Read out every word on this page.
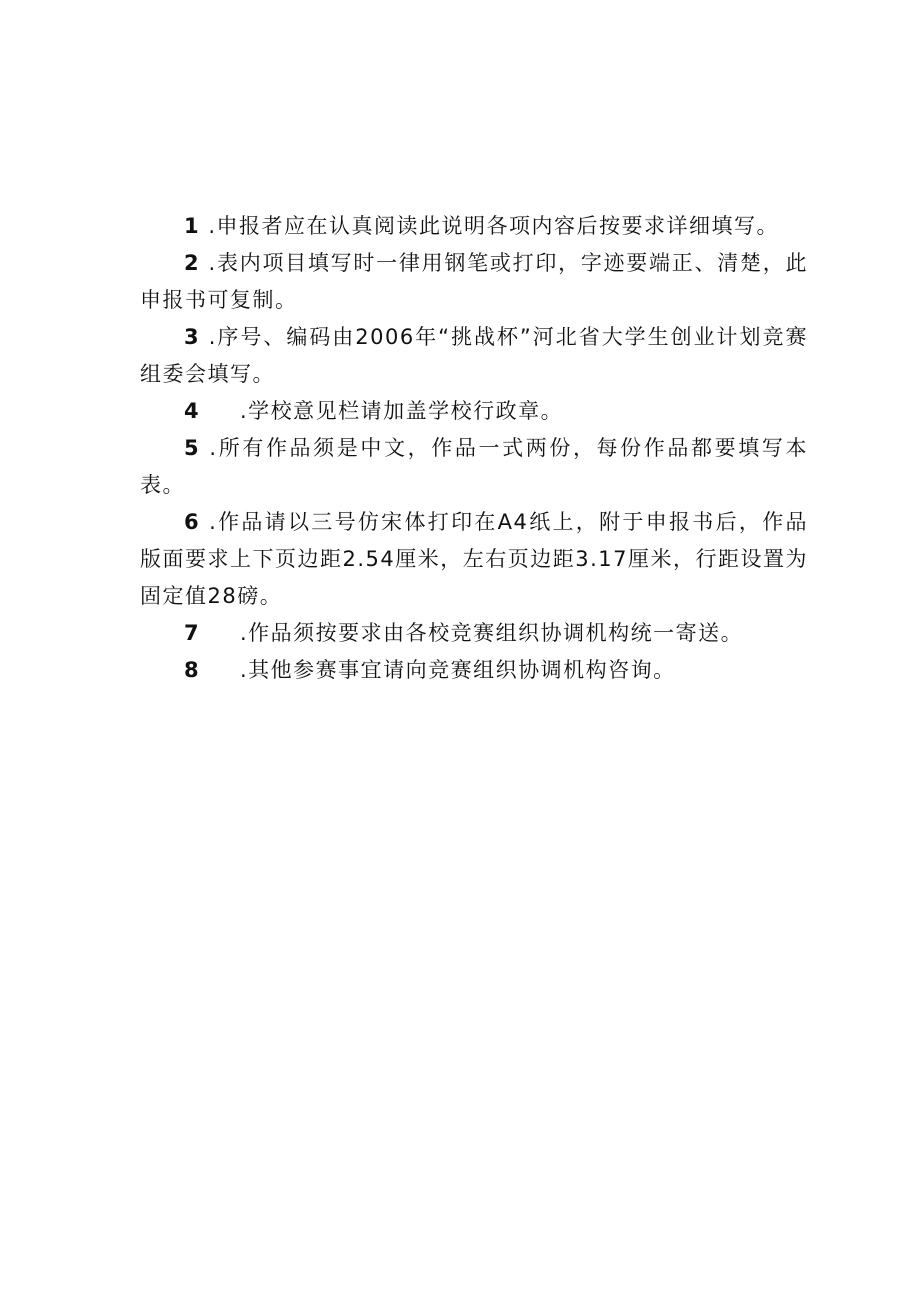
1 .申报者应在认真阅读此说明各项内容后按要求详细填写。

2 .表内项目填写时一律用钢笔或打印，字迹要端正、清楚，此申报书可复制。

3 .序号、编码由2006年“挑战杯”河北省大学生创业计划竞赛组委会填写。

4 .学校意见栏请加盖学校行政章。

5 .所有作品须是中文，作品一式两份，每份作品都要填写本表。

6 .作品请以三号仿宋体打印在A4纸上，附于申报书后，作品版面要求上下页边距2.54厘米，左右页边距3.17厘米，行距设置为固定值28磅。

7 .作品须按要求由各校竞赛组织协调机构统一寄送。

8 .其他参赛事宜请向竞赛组织协调机构咨询。
